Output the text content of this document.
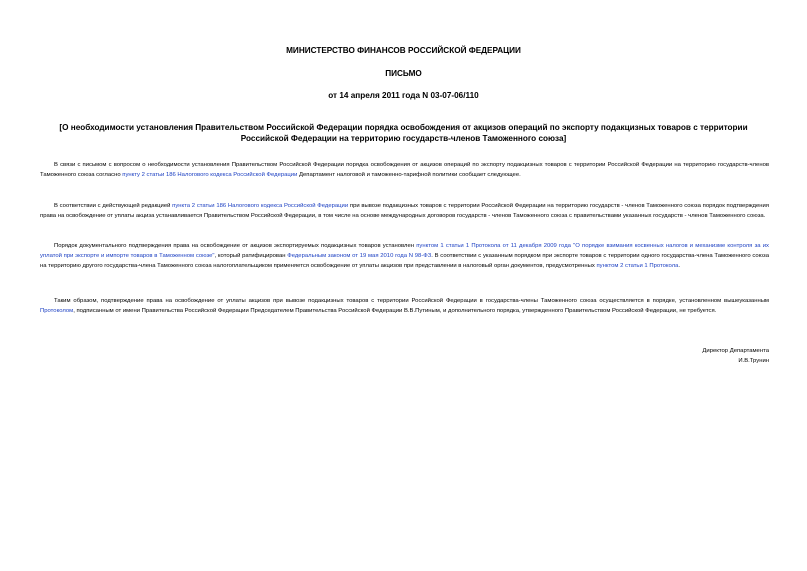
МИНИСТЕРСТВО ФИНАНСОВ РОССИЙСКОЙ ФЕДЕРАЦИИ
ПИСЬМО
от 14 апреля 2011 года N 03-07-06/110
[О необходимости установления Правительством Российской Федерации порядка освобождения от акцизов операций по экспорту подакцизных товаров с территории Российской Федерации на территорию государств-членов Таможенного союза]
В связи с письмом с вопросом о необходимости установления Правительством Российской Федерации порядка освобождения от акцизов операций по экспорту подакцизных товаров с территории Российской Федерации на территорию государств-членов Таможенного союза согласно пункту 2 статьи 186 Налогового кодекса Российской Федерации Департамент налоговой и таможенно-тарифной политики сообщает следующее.
В соответствии с действующей редакцией пункта 2 статьи 186 Налогового кодекса Российской Федерации при вывозе подакцизных товаров с территории Российской Федерации на территорию государств - членов Таможенного союза порядок подтверждения права на освобождение от уплаты акциза устанавливается Правительством Российской Федерации, в том числе на основе международных договоров государств - членов Таможенного союза с правительствами указанных государств - членов Таможенного союза.
Порядок документального подтверждения права на освобождение от акцизов экспортируемых подакцизных товаров установлен пунктом 1 статьи 1 Протокола от 11 декабря 2009 года "О порядке взимания косвенных налогов и механизме контроля за их уплатой при экспорте и импорте товаров в Таможенном союзе", который ратифицирован Федеральным законом от 19 мая 2010 года N 98-ФЗ. В соответствии с указанным порядком при экспорте товаров с территории одного государства-члена Таможенного союза на территорию другого государства-члена Таможенного союза налогоплательщиком применяется освобождение от уплаты акцизов при представлении в налоговый орган документов, предусмотренных пунктом 2 статьи 1 Протокола.
Таким образом, подтверждение права на освобождение от уплаты акцизов при вывозе подакцизных товаров с территории Российской Федерации в государства-члены Таможенного союза осуществляется в порядке, установленном вышеуказанным Протоколом, подписанным от имени Правительства Российской Федерации Председателем Правительства Российской Федерации В.В.Путиным, и дополнительного порядка, утвержденного Правительством Российской Федерации, не требуется.
Директор Департамента
И.В.Трунин
